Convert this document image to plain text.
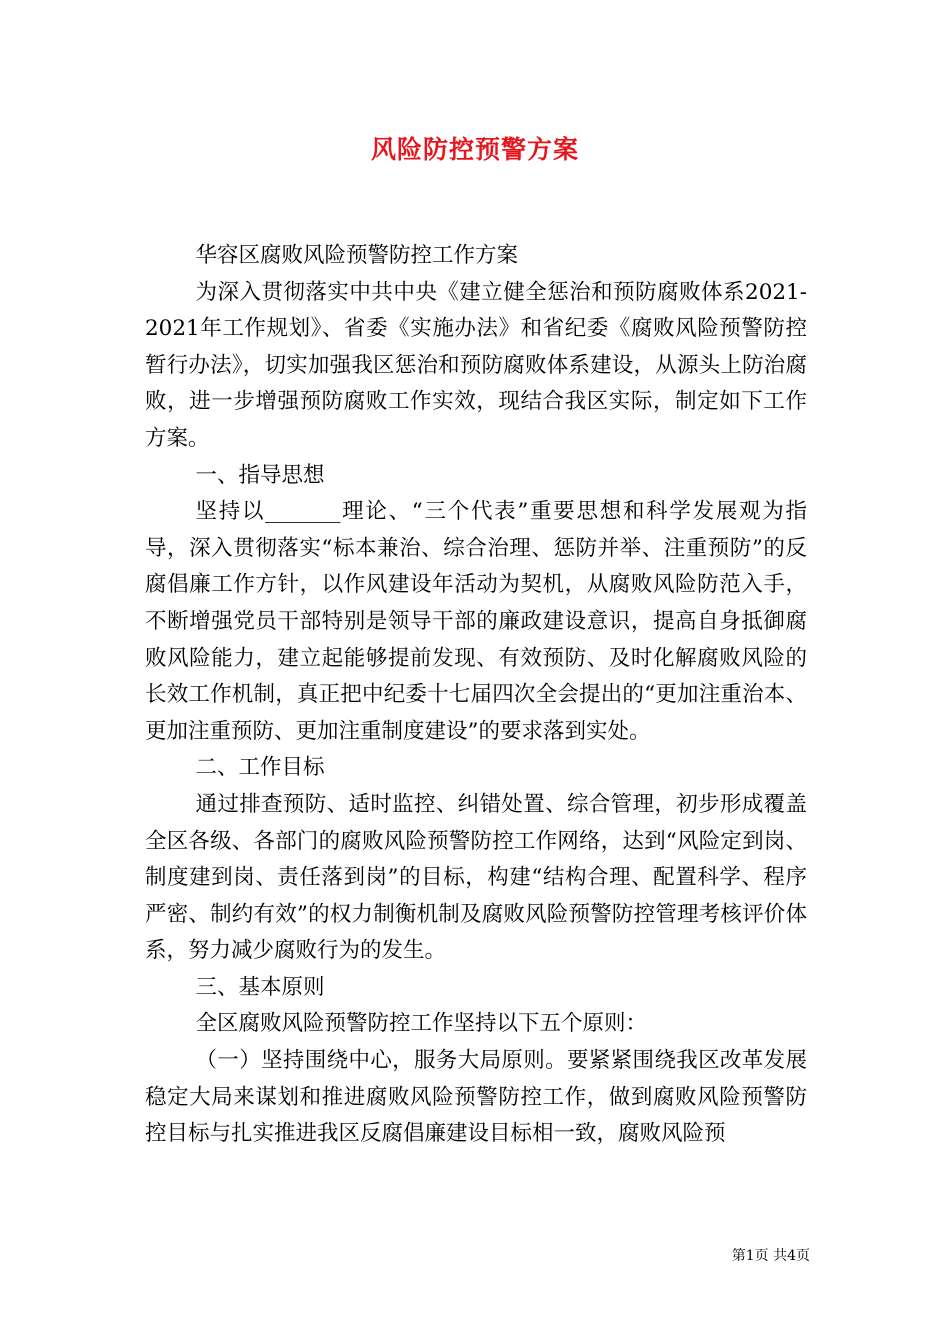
风险防控预警方案

华容区腐败风险预警防控工作方案

为深入贯彻落实中共中央《建立健全惩治和预防腐败体系2021-2021年工作规划》、省委《实施办法》和省纪委《腐败风险预警防控暂行办法》，切实加强我区惩治和预防腐败体系建设，从源头上防治腐败，进一步增强预防腐败工作实效，现结合我区实际，制定如下工作方案。

一、指导思想

坚持以_______理论、“三个代表”重要思想和科学发展观为指导，深入贯彻落实“标本兼治、综合治理、惩防并举、注重预防”的反腐倡廉工作方针，以作风建设年活动为契机，从腐败风险防范入手，不断增强党员干部特别是领导干部的廉政建设意识，提高自身抵御腐败风险能力，建立起能够提前发现、有效预防、及时化解腐败风险的长效工作机制，真正把中纪委十七届四次全会提出的“更加注重治本、更加注重预防、更加注重制度建设”的要求落到实处。

二、工作目标

通过排查预防、适时监控、纠错处置、综合管理，初步形成覆盖全区各级、各部门的腐败风险预警防控工作网络，达到“风险定到岗、制度建到岗、责任落到岗”的目标，构建“结构合理、配置科学、程序严密、制约有效”的权力制衡机制及腐败风险预警防控管理考核评价体系，努力减少腐败行为的发生。

三、基本原则

全区腐败风险预警防控工作坚持以下五个原则：

（一）坚持围绕中心，服务大局原则。要紧紧围绕我区改革发展稳定大局来谋划和推进腐败风险预警防控工作，做到腐败风险预警防控目标与扎实推进我区反腐倡廉建设目标相一致，腐败风险预

第1页 共4页
